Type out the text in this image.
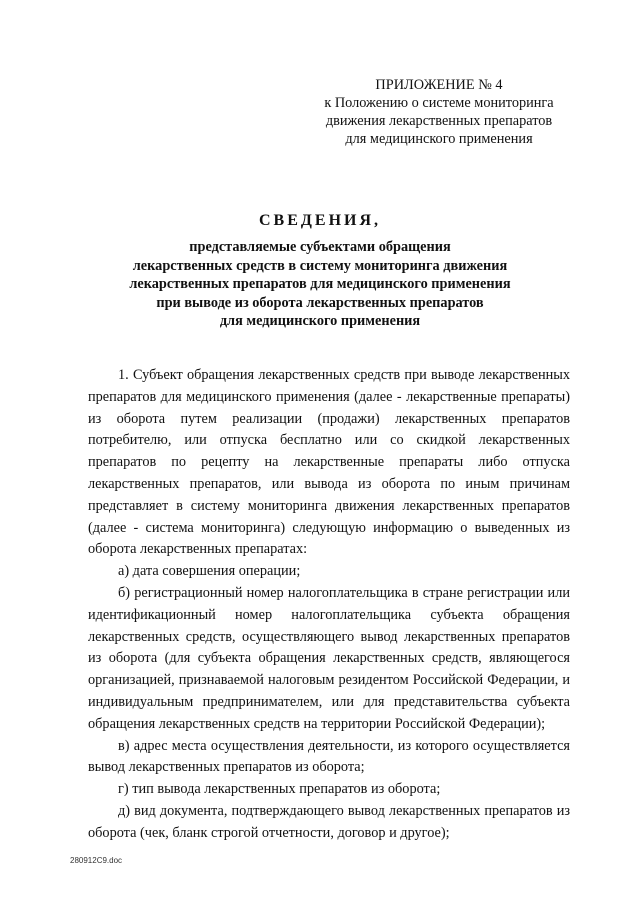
ПРИЛОЖЕНИЕ № 4
к Положению о системе мониторинга
движения лекарственных препаратов
для медицинского применения
СВЕДЕНИЯ,
представляемые субъектами обращения
лекарственных средств в систему мониторинга движения
лекарственных препаратов для медицинского применения
при выводе из оборота лекарственных препаратов
для медицинского применения

1. Субъект обращения лекарственных средств при выводе лекарственных препаратов для медицинского применения (далее - лекарственные препараты) из оборота путем реализации (продажи) лекарственных препаратов потребителю, или отпуска бесплатно или со скидкой лекарственных препаратов по рецепту на лекарственные препараты либо отпуска лекарственных препаратов, или вывода из оборота по иным причинам представляет в систему мониторинга движения лекарственных препаратов (далее - система мониторинга) следующую информацию о выведенных из оборота лекарственных препаратах:

а) дата совершения операции;

б) регистрационный номер налогоплательщика в стране регистрации или идентификационный номер налогоплательщика субъекта обращения лекарственных средств, осуществляющего вывод лекарственных препаратов из оборота (для субъекта обращения лекарственных средств, являющегося организацией, признаваемой налоговым резидентом Российской Федерации, и индивидуальным предпринимателем, или для представительства субъекта обращения лекарственных средств на территории Российской Федерации);

в) адрес места осуществления деятельности, из которого осуществляется вывод лекарственных препаратов из оборота;

г) тип вывода лекарственных препаратов из оборота;

д) вид документа, подтверждающего вывод лекарственных препаратов из оборота (чек, бланк строгой отчетности, договор и другое);

280912С9.doc
